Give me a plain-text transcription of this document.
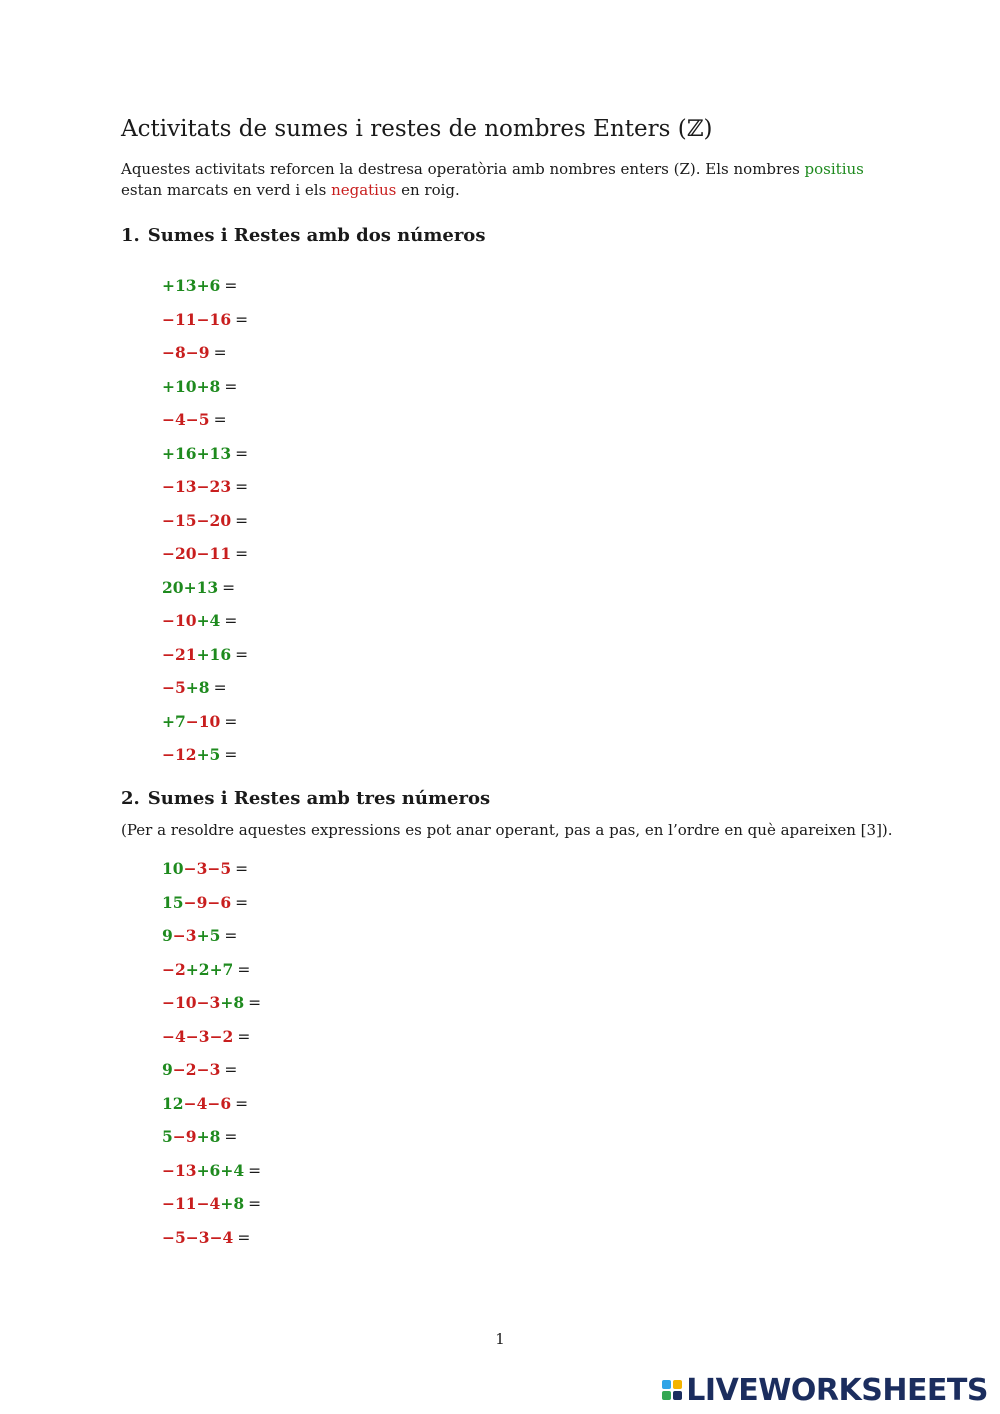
Activitats de sumes i restes de nombres Enters (ℤ)

Aquestes activitats reforcen la destresa operatòria amb nombres enters (Z). Els nombres positius estan marcats en verd i els negatius en roig.

1. Sumes i Restes amb dos números
+13+6 =
−11−16 =
−8−9 =
+10+8 =
−4−5 =
+16+13 =
−13−23 =
−15−20 =
−20−11 =
20+13 =
−10+4 =
−21+16 =
−5+8 =
+7−10 =
−12+5 =
2. Sumes i Restes amb tres números

(Per a resoldre aquestes expressions es pot anar operant, pas a pas, en l’ordre en què apareixen [3]).

10−3−5 =
15−9−6 =
9−3+5 =
−2+2+7 =
−10−3+8 =
−4−3−2 =
9−2−3 =
12−4−6 =
5−9+8 =
−13+6+4 =
−11−4+8 =
−5−3−4 =
1
LIVEWORKSHEETS
